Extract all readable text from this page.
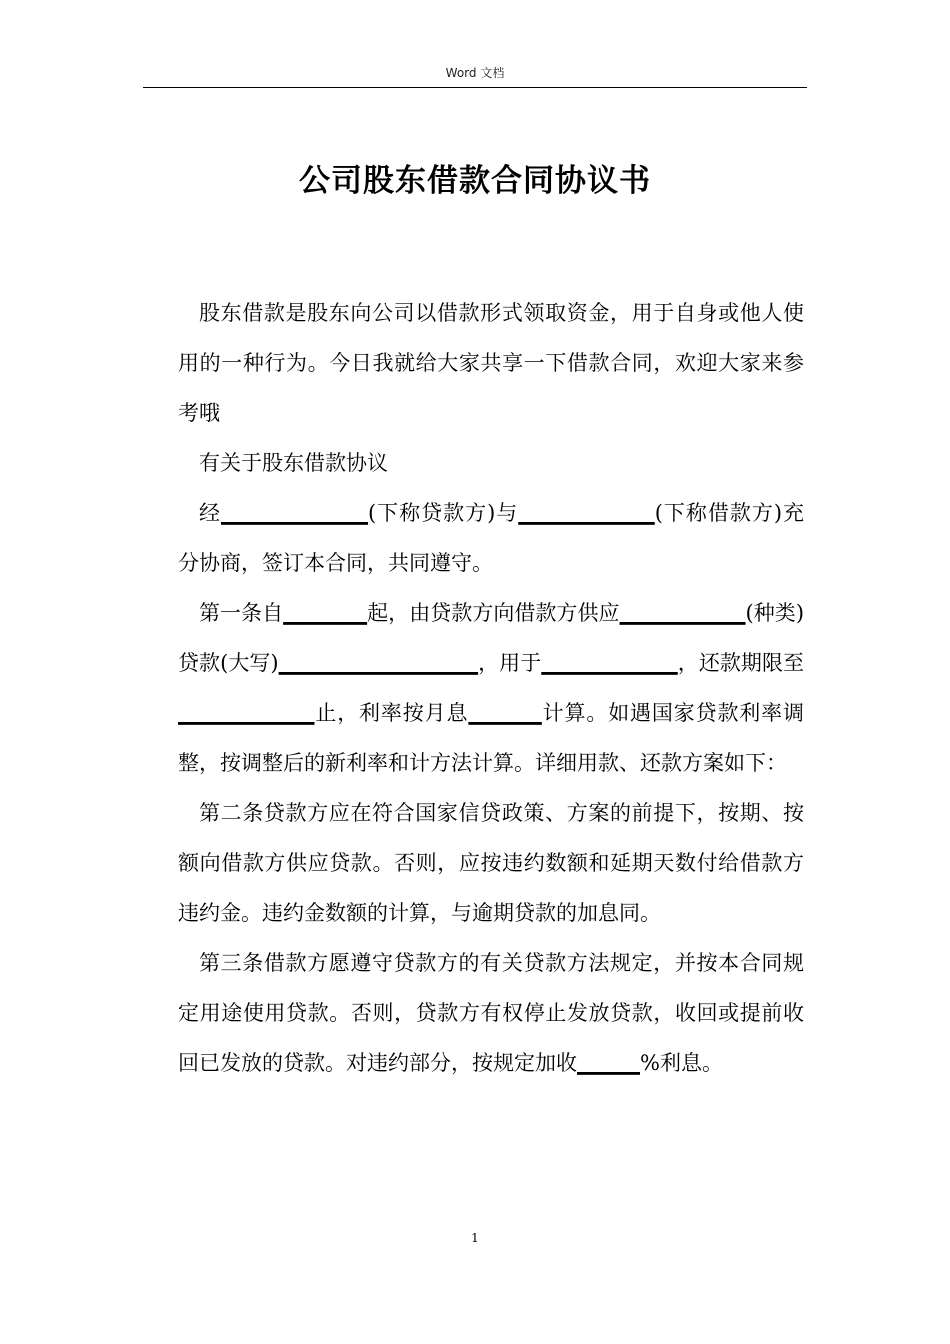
Word 文档
公司股东借款合同协议书

股东借款是股东向公司以借款形式领取资金，用于自身或他人使用的一种行为。今日我就给大家共享一下借款合同，欢迎大家来参考哦

有关于股东借款协议

经______________(下称贷款方)与_____________(下称借款方)充分协商，签订本合同，共同遵守。

第一条自________起，由贷款方向借款方供应____________(种类)贷款(大写)___________________，用于_____________，还款期限至_____________止，利率按月息_______计算。如遇国家贷款利率调整，按调整后的新利率和计方法计算。详细用款、还款方案如下：

第二条贷款方应在符合国家信贷政策、方案的前提下，按期、按额向借款方供应贷款。否则，应按违约数额和延期天数付给借款方违约金。违约金数额的计算，与逾期贷款的加息同。

第三条借款方愿遵守贷款方的有关贷款方法规定，并按本合同规定用途使用贷款。否则，贷款方有权停止发放贷款，收回或提前收回已发放的贷款。对违约部分，按规定加收______%利息。

1
